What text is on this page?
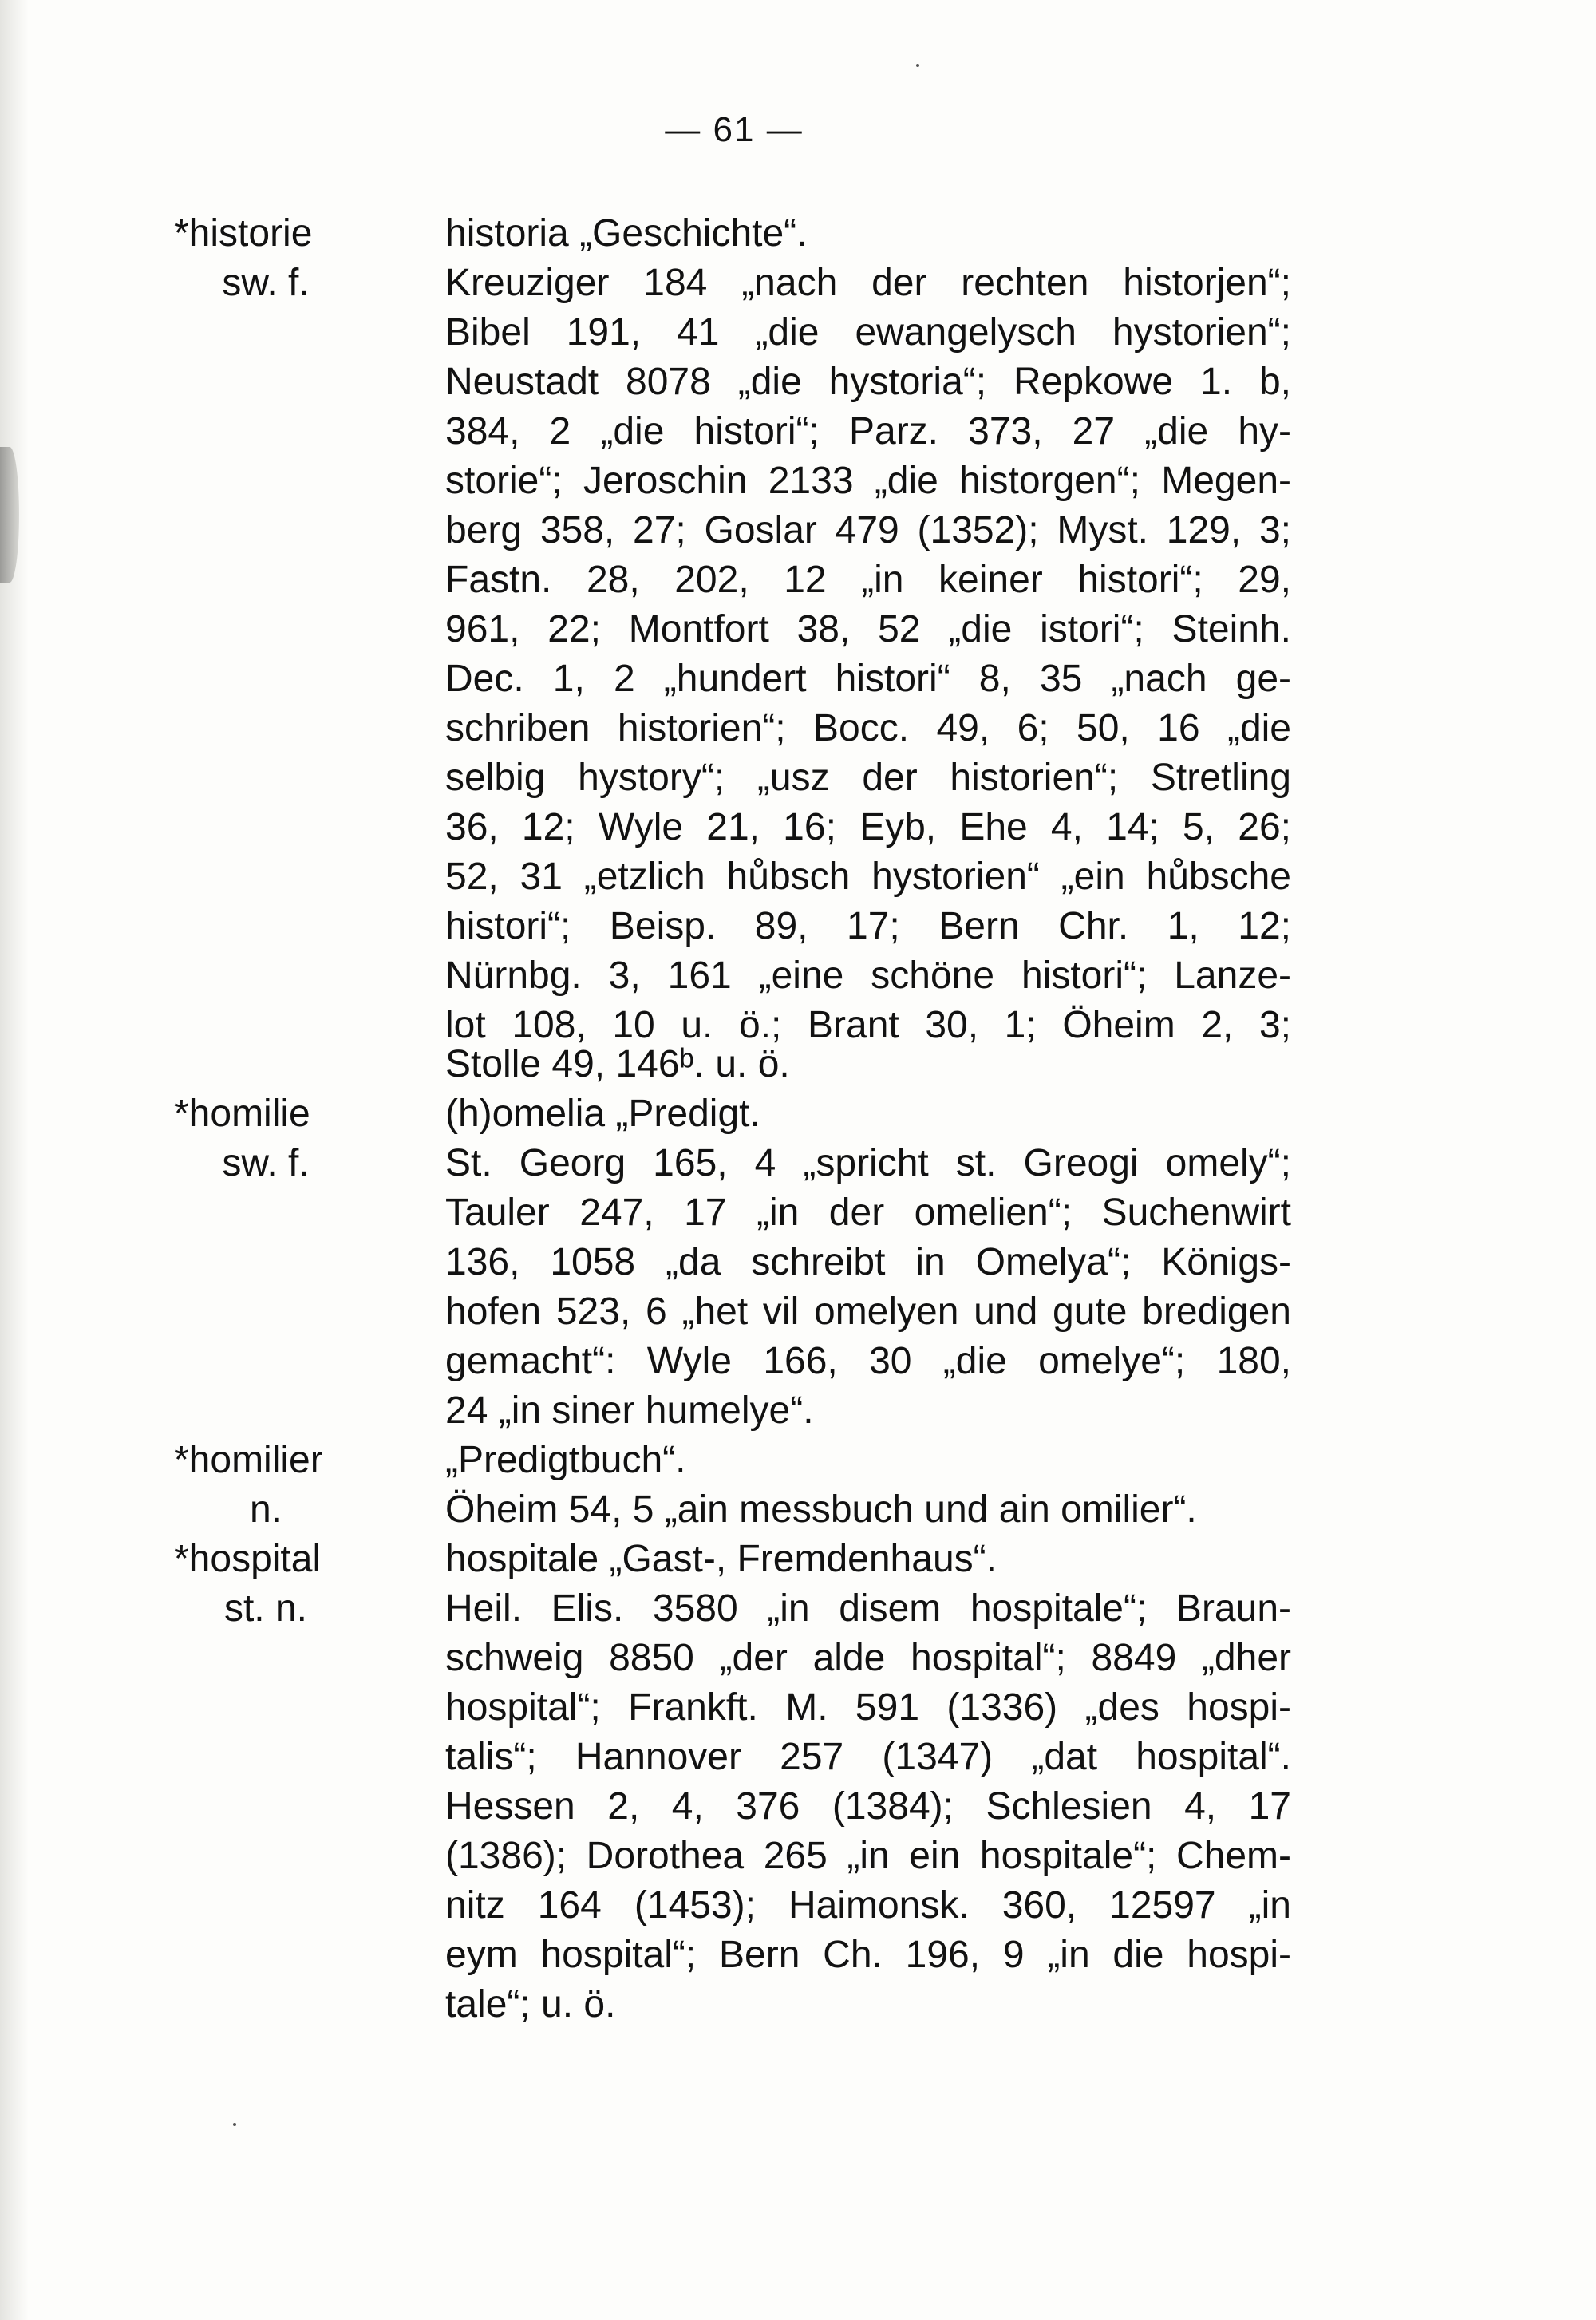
— 61 —
*historie
sw. f.
*homilie
sw. f.
*homilier
n.
*hospital
st. n.
historia „Geschichte“.
Kreuziger 184 „nach der rechten historjen“;
Bibel 191, 41 „die ewangelysch hystorien“;
Neustadt 8078 „die hystoria“; Repkowe 1. b,
384, 2 „die histori“; Parz. 373, 27 „die hy-
storie“; Jeroschin 2133 „die historgen“; Megen-
berg 358, 27; Goslar 479 (1352); Myst. 129, 3;
Fastn. 28, 202, 12 „in keiner histori“; 29,
961, 22; Montfort 38, 52 „die istori“; Steinh.
Dec. 1, 2 „hundert histori“ 8, 35 „nach ge-
schriben historien“; Bocc. 49, 6; 50, 16 „die
selbig hystory“; „usz der historien“; Stretling
36, 12; Wyle 21, 16; Eyb, Ehe 4, 14; 5, 26;
52, 31 „etzlich hůbsch hystorien“ „ein hůbsche
histori“; Beisp. 89, 17; Bern Chr. 1, 12;
Nürnbg. 3, 161 „eine schöne histori“; Lanze-
lot 108, 10 u. ö.; Brant 30, 1; Öheim 2, 3;
Stolle 49, 146ᵇ. u. ö.
(h)omelia „Predigt.
St. Georg 165, 4 „spricht st. Greogi omely“;
Tauler 247, 17 „in der omelien“; Suchenwirt
136, 1058 „da schreibt in Omelya“; Königs-
hofen 523, 6 „het vil omelyen und gute bredigen
gemacht“: Wyle 166, 30 „die omelye“; 180,
24 „in siner humelye“.
„Predigtbuch“.
Öheim 54, 5 „ain messbuch und ain omilier“.
hospitale „Gast-, Fremdenhaus“.
Heil. Elis. 3580 „in disem hospitale“; Braun-
schweig 8850 „der alde hospital“; 8849 „dher
hospital“; Frankft. M. 591 (1336) „des hospi-
talis“; Hannover 257 (1347) „dat hospital“.
Hessen 2, 4, 376 (1384); Schlesien 4, 17
(1386); Dorothea 265 „in ein hospitale“; Chem-
nitz 164 (1453); Haimonsk. 360, 12597 „in
eym hospital“; Bern Ch. 196, 9 „in die hospi-
tale“; u. ö.
